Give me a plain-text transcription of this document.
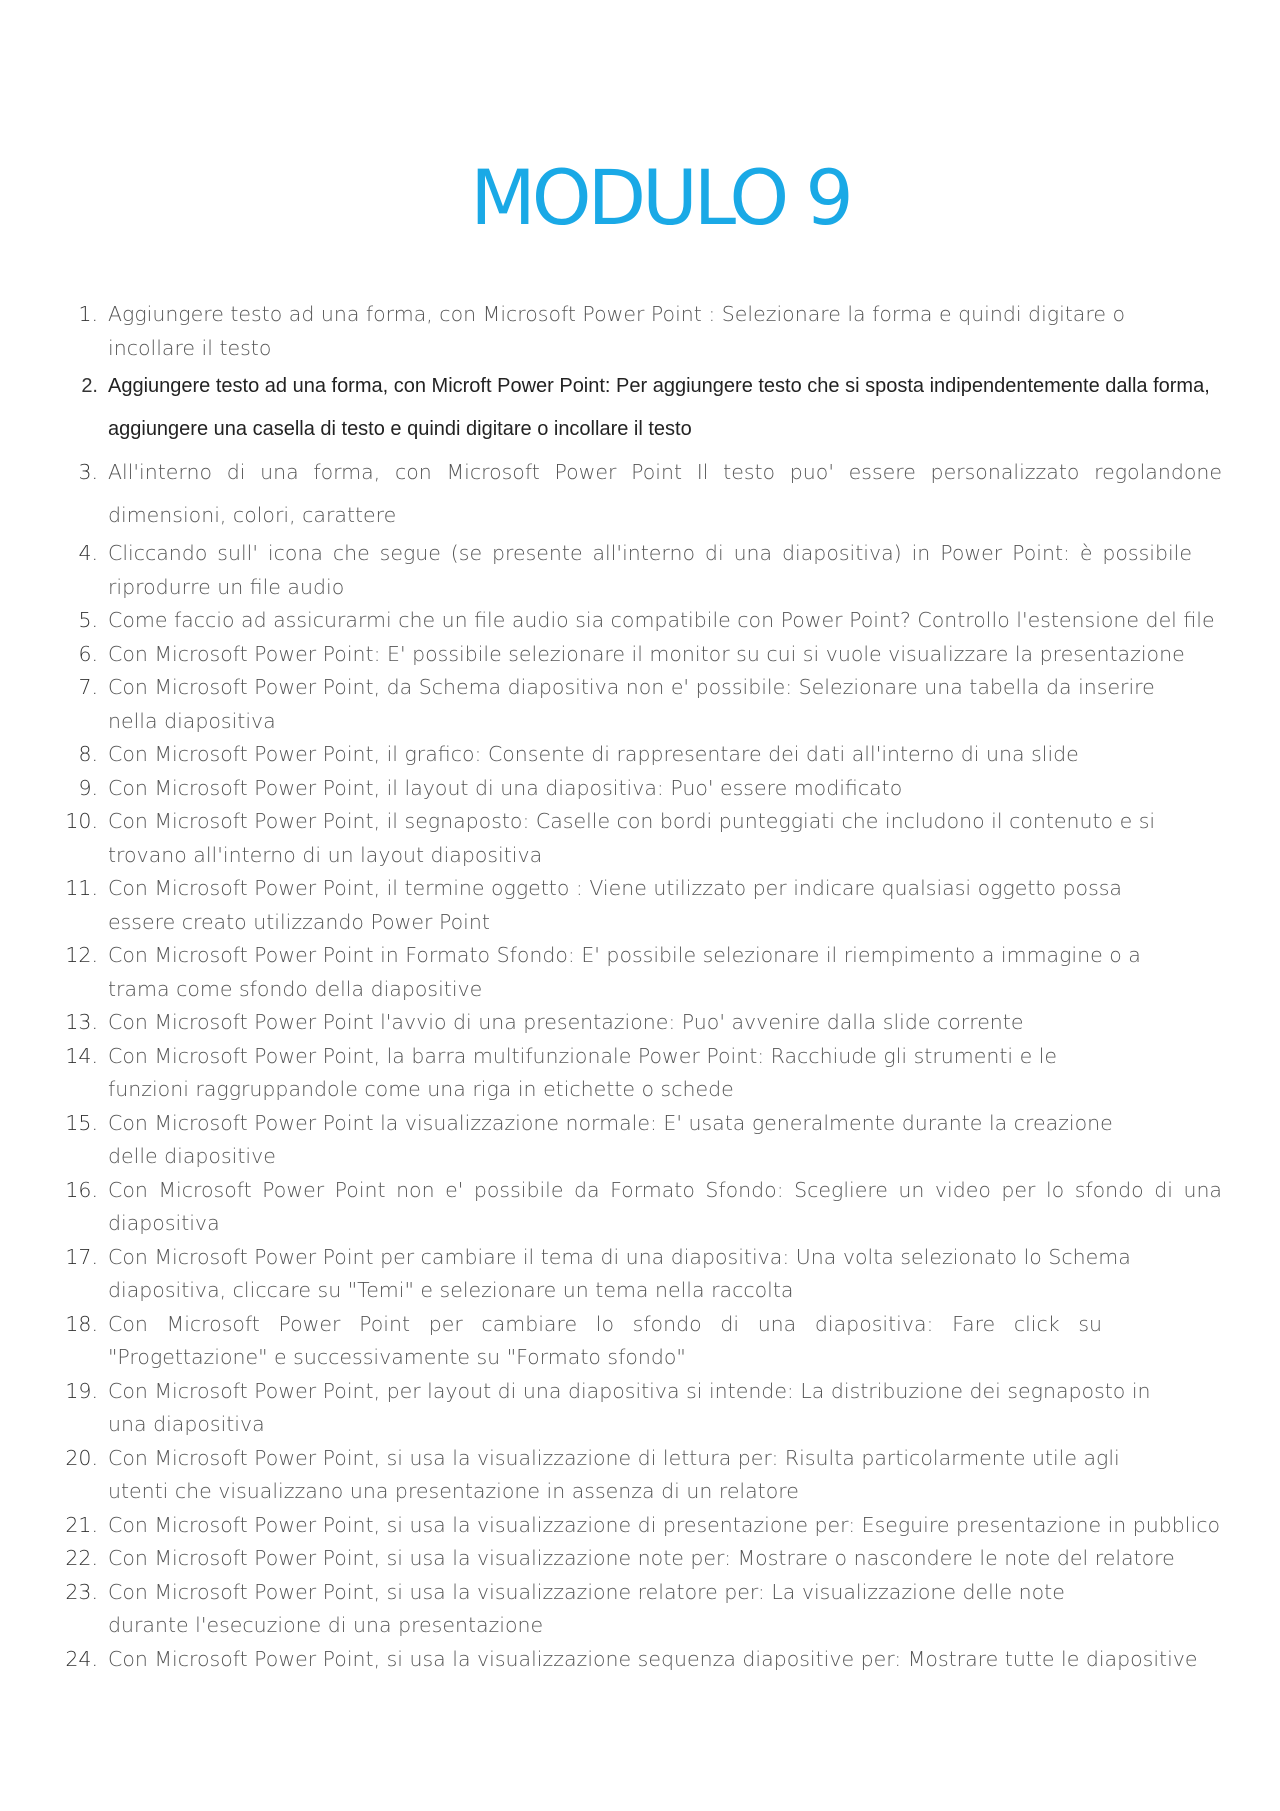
MODULO 9
1. Aggiungere testo ad una forma, con Microsoft Power Point : Selezionare la forma e quindi digitare o incollare il testo
2. Aggiungere testo ad una forma, con Microft Power Point: Per aggiungere testo che si sposta indipendentemente dalla forma, aggiungere una casella di testo e quindi digitare o incollare il testo
3. All'interno di una forma, con Microsoft Power Point Il testo puo' essere personalizzato regolandone dimensioni, colori, carattere
4. Cliccando sull' icona che segue (se presente all'interno di una diapositiva) in Power Point: è possibile riprodurre un file audio
5. Come faccio ad assicurarmi che un file audio sia compatibile con Power Point? Controllo l'estensione del file
6. Con Microsoft Power Point: E' possibile selezionare il monitor su cui si vuole visualizzare la presentazione
7. Con Microsoft Power Point, da Schema diapositiva non e' possibile: Selezionare una tabella da inserire nella diapositiva
8. Con Microsoft Power Point, il grafico: Consente di rappresentare dei dati all'interno di una slide
9. Con Microsoft Power Point, il layout di una diapositiva: Puo' essere modificato
10. Con Microsoft Power Point, il segnaposto: Caselle con bordi punteggiati che includono il contenuto e si trovano all'interno di un layout diapositiva
11. Con Microsoft Power Point, il termine oggetto : Viene utilizzato per indicare qualsiasi oggetto possa essere creato utilizzando Power Point
12. Con Microsoft Power Point in Formato Sfondo: E' possibile selezionare il riempimento a immagine o a trama come sfondo della diapositive
13. Con Microsoft Power Point l'avvio di una presentazione: Puo' avvenire dalla slide corrente
14. Con Microsoft Power Point, la barra multifunzionale Power Point: Racchiude gli strumenti e le funzioni raggruppandole come una riga in etichette o schede
15. Con Microsoft Power Point la visualizzazione normale: E' usata generalmente durante la creazione delle diapositive
16. Con Microsoft Power Point non e' possibile da Formato Sfondo: Scegliere un video per lo sfondo di una diapositiva
17. Con Microsoft Power Point per cambiare il tema di una diapositiva: Una volta selezionato lo Schema diapositiva, cliccare su "Temi" e selezionare un tema nella raccolta
18. Con Microsoft Power Point per cambiare lo sfondo di una diapositiva: Fare click su "Progettazione" e successivamente su "Formato sfondo"
19. Con Microsoft Power Point, per layout di una diapositiva si intende: La distribuzione dei segnaposto in una diapositiva
20. Con Microsoft Power Point, si usa la visualizzazione di lettura per: Risulta particolarmente utile agli utenti che visualizzano una presentazione in assenza di un relatore
21. Con Microsoft Power Point, si usa la visualizzazione di presentazione per: Eseguire presentazione in pubblico
22. Con Microsoft Power Point, si usa la visualizzazione note per: Mostrare o nascondere le note del relatore
23. Con Microsoft Power Point, si usa la visualizzazione relatore per: La visualizzazione delle note durante l'esecuzione di una presentazione
24. Con Microsoft Power Point, si usa la visualizzazione sequenza diapositive per: Mostrare tutte le diapositive
